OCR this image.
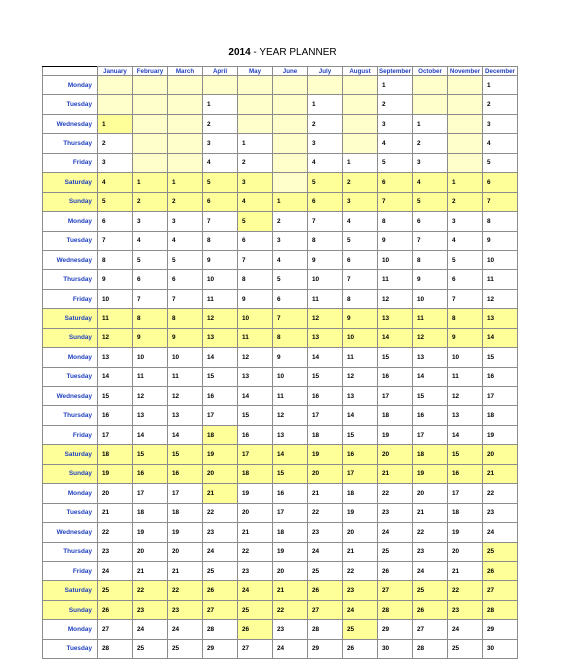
2014 - YEAR PLANNER
	January	February	March	April	May	June	July	August	September	October	November	December
Monday									1			1
Tuesday				1			1		2			2
Wednesday	1			2			2		3	1		3
Thursday	2			3	1		3		4	2		4
Friday	3			4	2		4	1	5	3		5
Saturday	4	1	1	5	3		5	2	6	4	1	6
Sunday	5	2	2	6	4	1	6	3	7	5	2	7
Monday	6	3	3	7	5	2	7	4	8	6	3	8
Tuesday	7	4	4	8	6	3	8	5	9	7	4	9
Wednesday	8	5	5	9	7	4	9	6	10	8	5	10
Thursday	9	6	6	10	8	5	10	7	11	9	6	11
Friday	10	7	7	11	9	6	11	8	12	10	7	12
Saturday	11	8	8	12	10	7	12	9	13	11	8	13
Sunday	12	9	9	13	11	8	13	10	14	12	9	14
Monday	13	10	10	14	12	9	14	11	15	13	10	15
Tuesday	14	11	11	15	13	10	15	12	16	14	11	16
Wednesday	15	12	12	16	14	11	16	13	17	15	12	17
Thursday	16	13	13	17	15	12	17	14	18	16	13	18
Friday	17	14	14	18	16	13	18	15	19	17	14	19
Saturday	18	15	15	19	17	14	19	16	20	18	15	20
Sunday	19	16	16	20	18	15	20	17	21	19	16	21
Monday	20	17	17	21	19	16	21	18	22	20	17	22
Tuesday	21	18	18	22	20	17	22	19	23	21	18	23
Wednesday	22	19	19	23	21	18	23	20	24	22	19	24
Thursday	23	20	20	24	22	19	24	21	25	23	20	25
Friday	24	21	21	25	23	20	25	22	26	24	21	26
Saturday	25	22	22	26	24	21	26	23	27	25	22	27
Sunday	26	23	23	27	25	22	27	24	28	26	23	28
Monday	27	24	24	28	26	23	28	25	29	27	24	29
Tuesday	28	25	25	29	27	24	29	26	30	28	25	30
